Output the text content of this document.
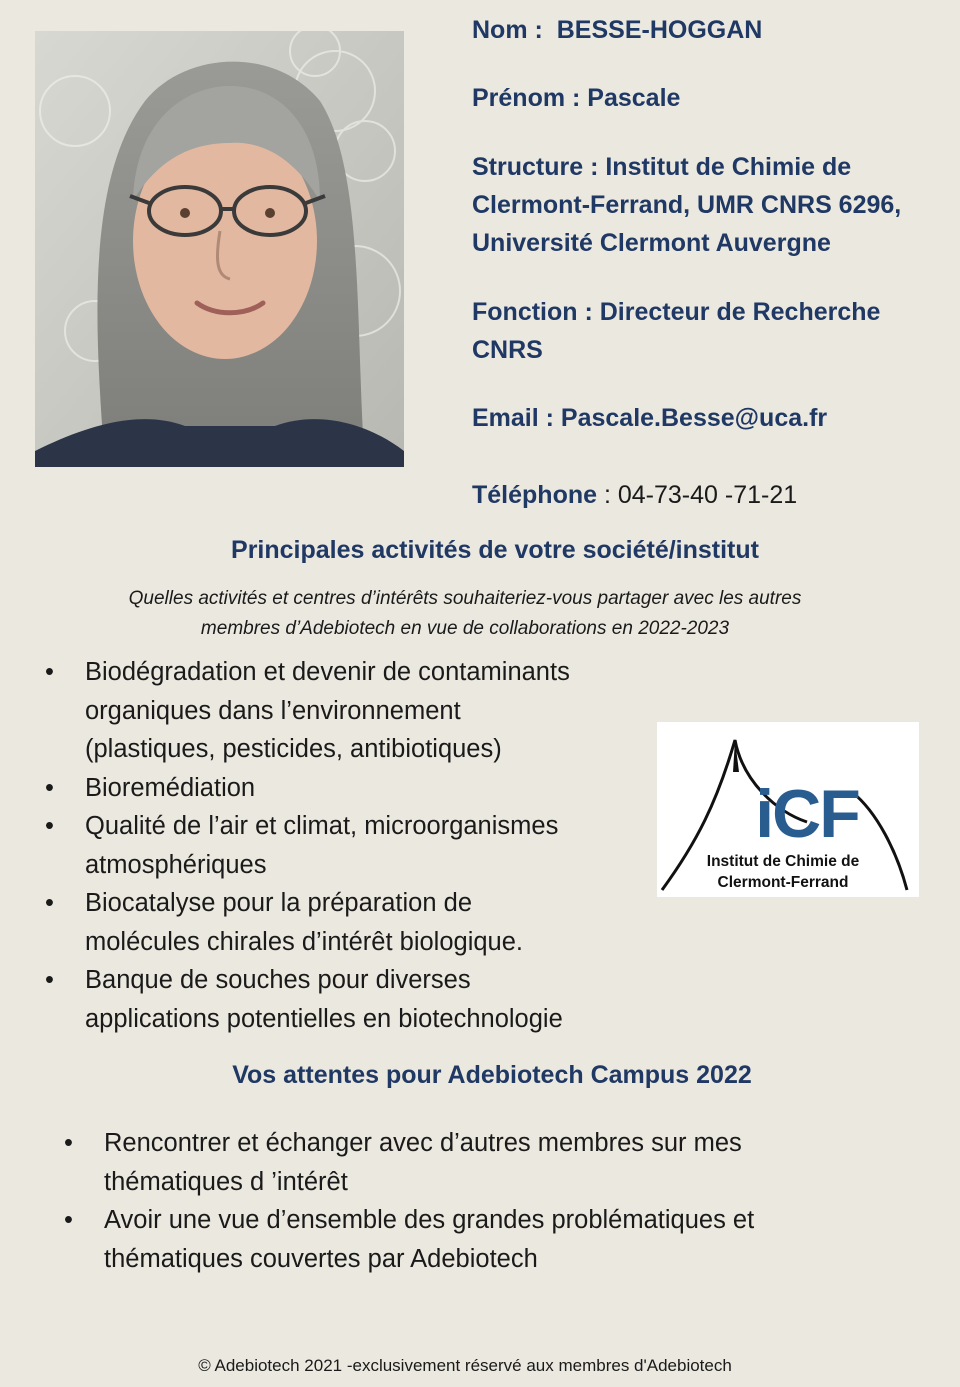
Nom : BESSE-HOGGAN
Prénom : Pascale
Structure : Institut de Chimie de
Clermont-Ferrand, UMR CNRS 6296,
Université Clermont Auvergne
Fonction : Directeur de Recherche
CNRS
Email : Pascale.Besse@uca.fr
Téléphone : 04-73-40 -71-21
Principales activités de votre société/institut
Quelles activités et centres d’intérêts souhaiteriez-vous partager avec les autres
membres d’Adebiotech en vue de collaborations en 2022-2023
• Biodégradation et devenir de contaminants
organiques dans l’environnement
(plastiques, pesticides, antibiotiques)
• Bioremédiation
• Qualité de l’air et climat, microorganismes
atmosphériques
• Biocatalyse pour la préparation de
molécules chirales d’intérêt biologique.
• Banque de souches pour diverses
applications potentielles en biotechnologie
iCF
Institut de Chimie de
Clermont-Ferrand
Vos attentes pour Adebiotech Campus 2022
• Rencontrer et échanger avec d’autres membres sur mes
thématiques d ’intérêt
• Avoir une vue d’ensemble des grandes problématiques et
thématiques couvertes par Adebiotech
© Adebiotech 2021 -exclusivement réservé aux membres d'Adebiotech
